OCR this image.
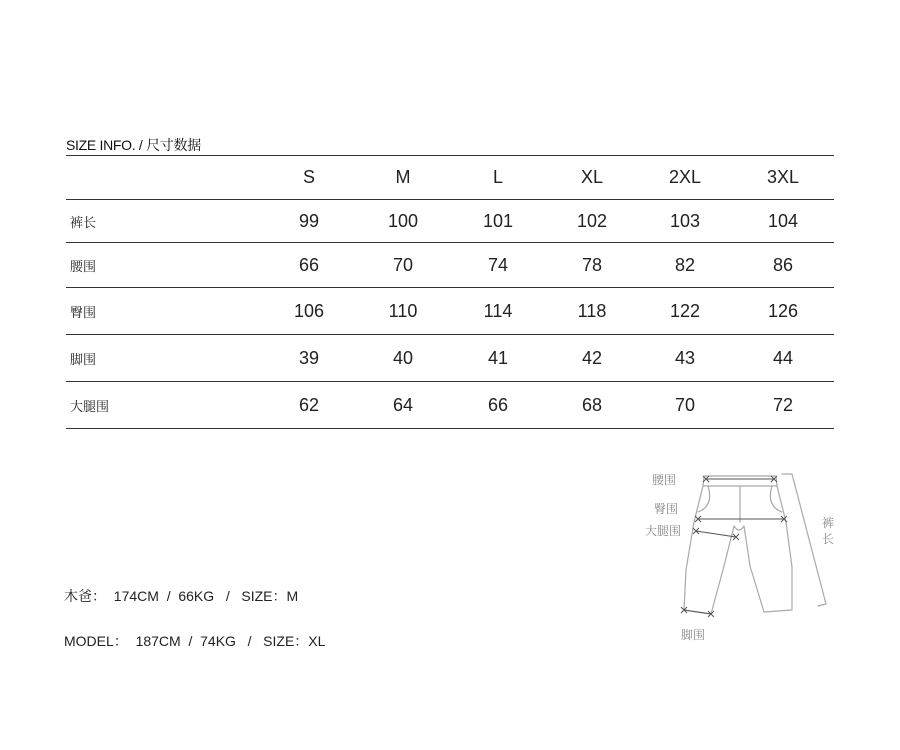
SIZE INFO. / 尺寸数据
	S	M	L	XL	2XL	3XL
裤长	99	100	101	102	103	104
腰围	66	70	74	78	82	86
臀围	106	110	114	118	122	126
脚围	39	40	41	42	43	44
大腿围	62	64	66	68	70	72
木爸：  174CM  /  66KG   /   SIZE：M
MODEL：  187CM  /  74KG   /   SIZE：XL
腰围
臀围
大腿围
脚围
裤
长
